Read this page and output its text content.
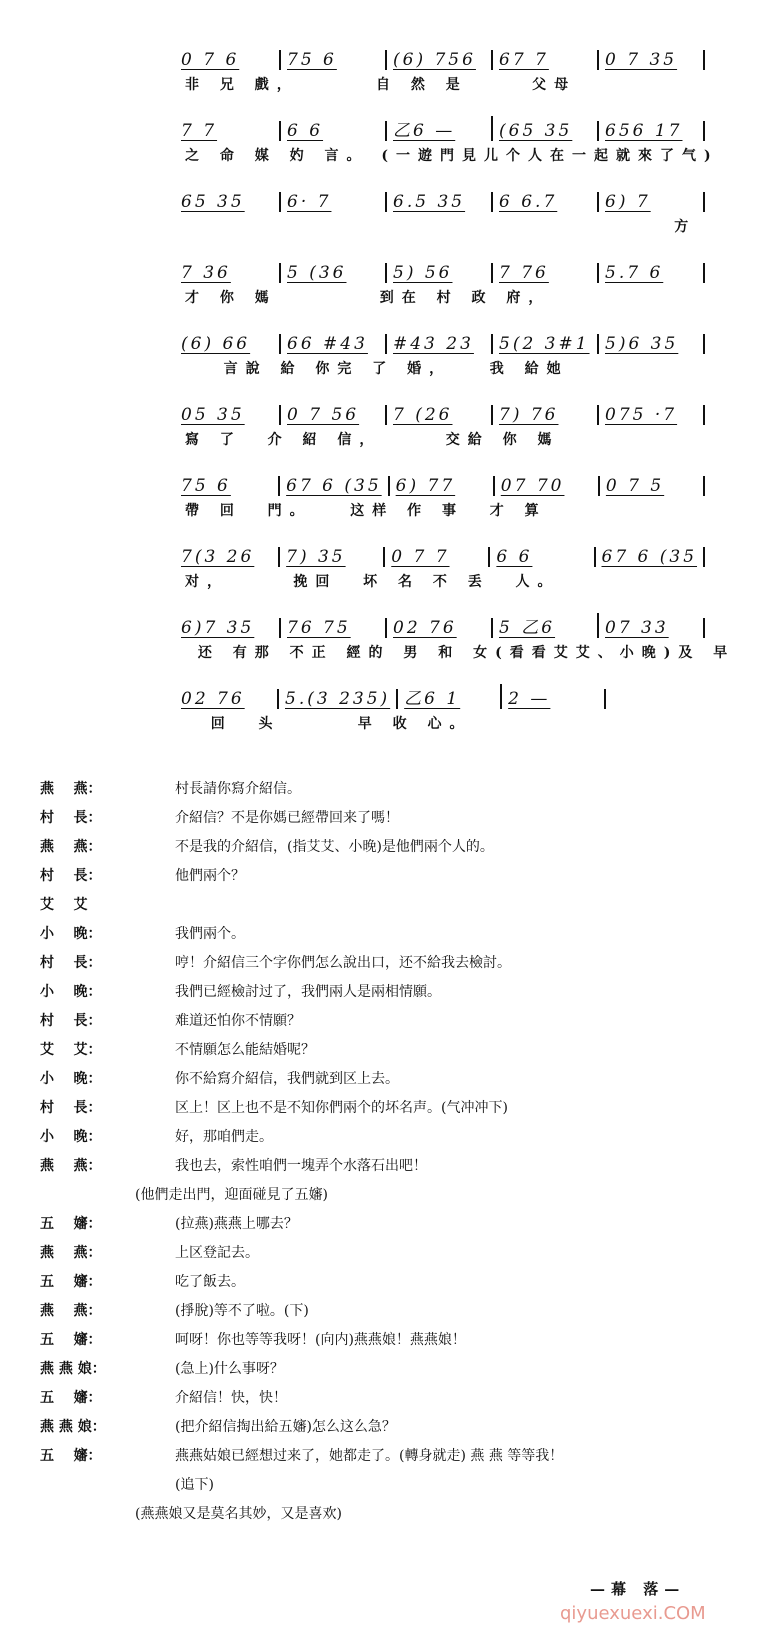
0 7 6	75 6	(6) 756	67 7	0 7 35
非 兄 戲，      自 然 是     父母
7 7	6 6	乙6 —	(65 35	656 17
之 命 媒 妁 言。 (一遊門見儿个人在一起就來了气)
65 35	6· 7	6.5 35	6 6.7	6) 7
方
7 36	5 (36	5) 56	7 76	5.7 6
才 你 媽        到在 村 政 府，
(6) 66	66 #43	#43 23	5(2 3#1 5)6 35
言說 給 你完 了 婚，   我 給她
05 35	0 7 56	7 (26	7) 76	075 ·7
寫 了  介 紹 信，     交給 你 媽
75 6	67 6 (35 6) 77	07 70	0 7 5
帶 回  門。   这样 作 事  才 算
7(3 26	7) 35	0 7 7	6 6	67 6 (35
对，     挽回  坏 名 不 丢  人。
6)7 35	76 75	02 76	5 乙6	07 33
还 有那 不正 經的 男 和 女(看看艾艾、小晚)及 早
02 76	5.(3 235) 乙6 1	2 —
回  头      早 收 心。
燕    燕：	村長請你寫介紹信。
村    長：	介紹信？不是你媽已經帶回来了嗎！
燕    燕：	不是我的介紹信，(指艾艾、小晚)是他們兩个人的。
村    長：	他們兩个？
艾    艾
小    晚：	我們兩个。
村    長：	哼！介紹信三个字你們怎么說出口，还不給我去檢討。
小    晚：	我們已經檢討过了，我們兩人是兩相情願。
村    長：	难道还怕你不情願？
艾    艾：	不情願怎么能結婚呢？
小    晚：	你不給寫介紹信，我們就到区上去。
村    長：	区上！区上也不是不知你們兩个的坏名声。(气冲冲下)
小    晚：	好，那咱們走。
燕    燕：	我也去，索性咱們一塊弄个水落石出吧！
(他們走出門，迎面碰見了五嬸)
五    嬸：	(拉燕)燕燕上哪去？
燕    燕：	上区登記去。
五    嬸：	吃了飯去。
燕    燕：	(掙脫)等不了啦。(下)
五    嬸：	呵呀！你也等等我呀！(向内)燕燕娘！燕燕娘！
燕 燕 娘：	(急上)什么事呀？
五    嬸：	介紹信！快，快！
燕 燕 娘：	(把介紹信掏出給五嬸)怎么这么急？
五    嬸：	燕燕姑娘已經想过来了，她都走了。(轉身就走) 燕 燕 等等我！
(追下)
(燕燕娘又是莫名其妙，又是喜欢)
—幕 落—
qiyuexuexi.COM
